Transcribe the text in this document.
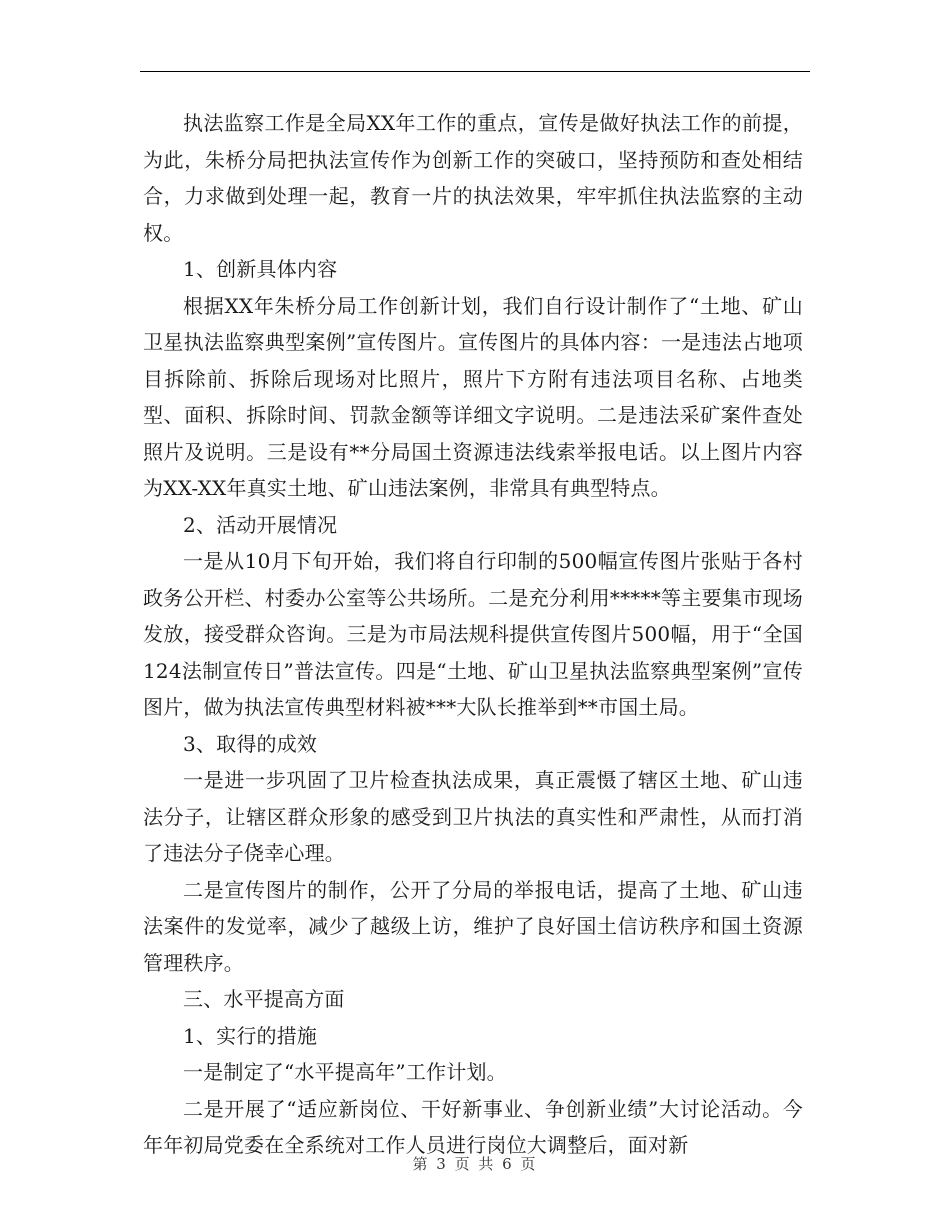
执法监察工作是全局XX年工作的重点，宣传是做好执法工作的前提，为此，朱桥分局把执法宣传作为创新工作的突破口，坚持预防和查处相结合，力求做到处理一起，教育一片的执法效果，牢牢抓住执法监察的主动权。

1、创新具体内容

根据XX年朱桥分局工作创新计划，我们自行设计制作了“土地、矿山卫星执法监察典型案例”宣传图片。宣传图片的具体内容：一是违法占地项目拆除前、拆除后现场对比照片，照片下方附有违法项目名称、占地类型、面积、拆除时间、罚款金额等详细文字说明。二是违法采矿案件查处照片及说明。三是设有**分局国土资源违法线索举报电话。以上图片内容为XX-XX年真实土地、矿山违法案例，非常具有典型特点。

2、活动开展情况

一是从10月下旬开始，我们将自行印制的500幅宣传图片张贴于各村政务公开栏、村委办公室等公共场所。二是充分利用*****等主要集市现场发放，接受群众咨询。三是为市局法规科提供宣传图片500幅，用于“全国124法制宣传日”普法宣传。四是“土地、矿山卫星执法监察典型案例”宣传图片，做为执法宣传典型材料被***大队长推举到**市国土局。

3、取得的成效

一是进一步巩固了卫片检查执法成果，真正震慑了辖区土地、矿山违法分子，让辖区群众形象的感受到卫片执法的真实性和严肃性，从而打消了违法分子侥幸心理。

二是宣传图片的制作，公开了分局的举报电话，提高了土地、矿山违法案件的发觉率，减少了越级上访，维护了良好国土信访秩序和国土资源管理秩序。

三、水平提高方面

1、实行的措施

一是制定了“水平提高年”工作计划。

二是开展了“适应新岗位、干好新事业、争创新业绩”大讨论活动。今年年初局党委在全系统对工作人员进行岗位大调整后，面对新

第 3 页 共 6 页
